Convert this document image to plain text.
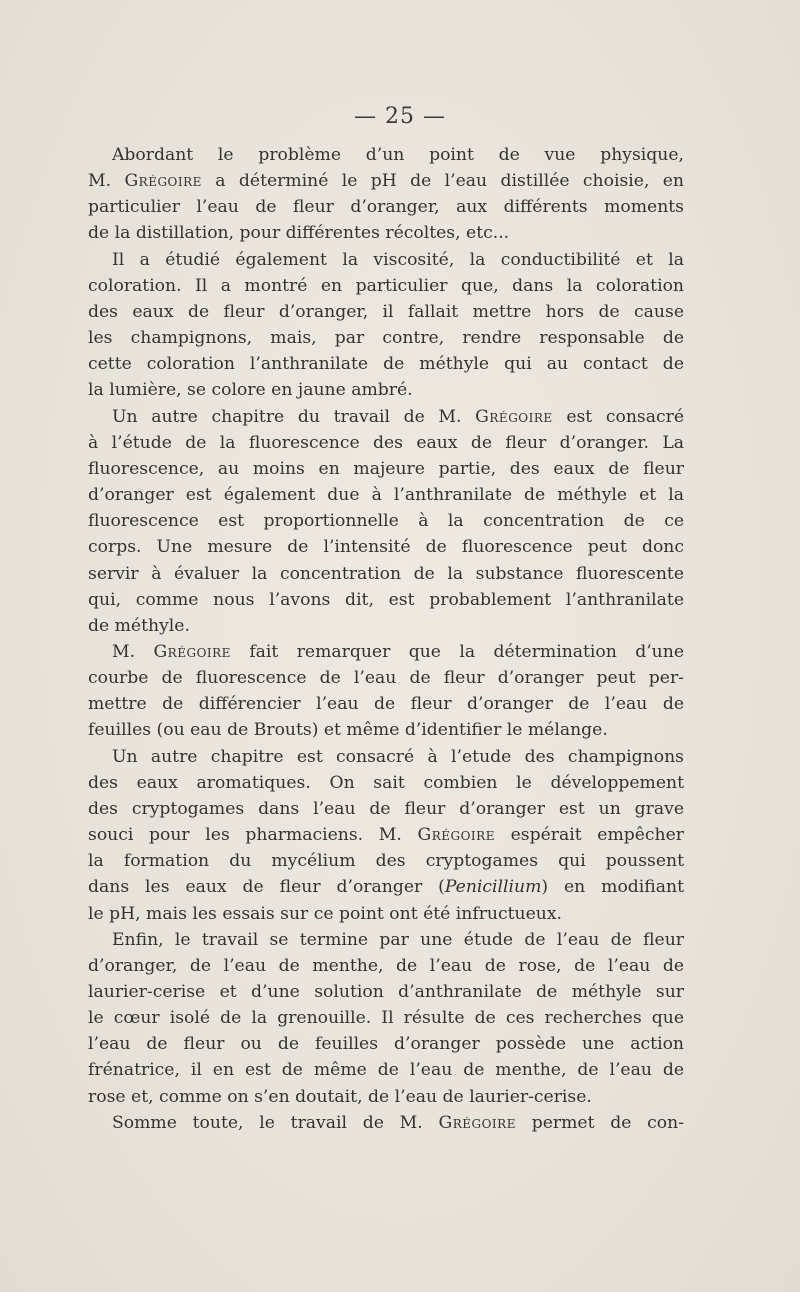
— 25 —
Abordant le problème d’un point de vue physique,
M. Grégoire a déterminé le pH de l’eau distillée choisie, en
particulier l’eau de fleur d’oranger, aux différents moments
de la distillation, pour différentes récoltes, etc...
Il a étudié également la viscosité, la conductibilité et la
coloration. Il a montré en particulier que, dans la coloration
des eaux de fleur d’oranger, il fallait mettre hors de cause
les champignons, mais, par contre, rendre responsable de
cette coloration l’anthranilate de méthyle qui au contact de
la lumière, se colore en jaune ambré.
Un autre chapitre du travail de M. Grégoire est consacré
à l’étude de la fluorescence des eaux de fleur d’oranger. La
fluorescence, au moins en majeure partie, des eaux de fleur
d’oranger est également due à l’anthranilate de méthyle et la
fluorescence est proportionnelle à la concentration de ce
corps. Une mesure de l’intensité de fluorescence peut donc
servir à évaluer la concentration de la substance fluorescente
qui, comme nous l’avons dit, est probablement l’anthranilate
de méthyle.
M. Grégoire fait remarquer que la détermination d’une
courbe de fluorescence de l’eau de fleur d’oranger peut per-
mettre de différencier l’eau de fleur d’oranger de l’eau de
feuilles (ou eau de Brouts) et même d’identifier le mélange.
Un autre chapitre est consacré à l’etude des champignons
des eaux aromatiques. On sait combien le développement
des cryptogames dans l’eau de fleur d’oranger est un grave
souci pour les pharmaciens. M. Grégoire espérait empêcher
la formation du mycélium des cryptogames qui poussent
dans les eaux de fleur d’oranger (Penicillium) en modifiant
le pH, mais les essais sur ce point ont été infructueux.
Enfin, le travail se termine par une étude de l’eau de fleur
d’oranger, de l’eau de menthe, de l’eau de rose, de l’eau de
laurier-cerise et d’une solution d’anthranilate de méthyle sur
le cœur isolé de la grenouille. Il résulte de ces recherches que
l’eau de fleur ou de feuilles d’oranger possède une action
frénatrice, il en est de même de l’eau de menthe, de l’eau de
rose et, comme on s’en doutait, de l’eau de laurier-cerise.
Somme toute, le travail de M. Grégoire permet de con-
